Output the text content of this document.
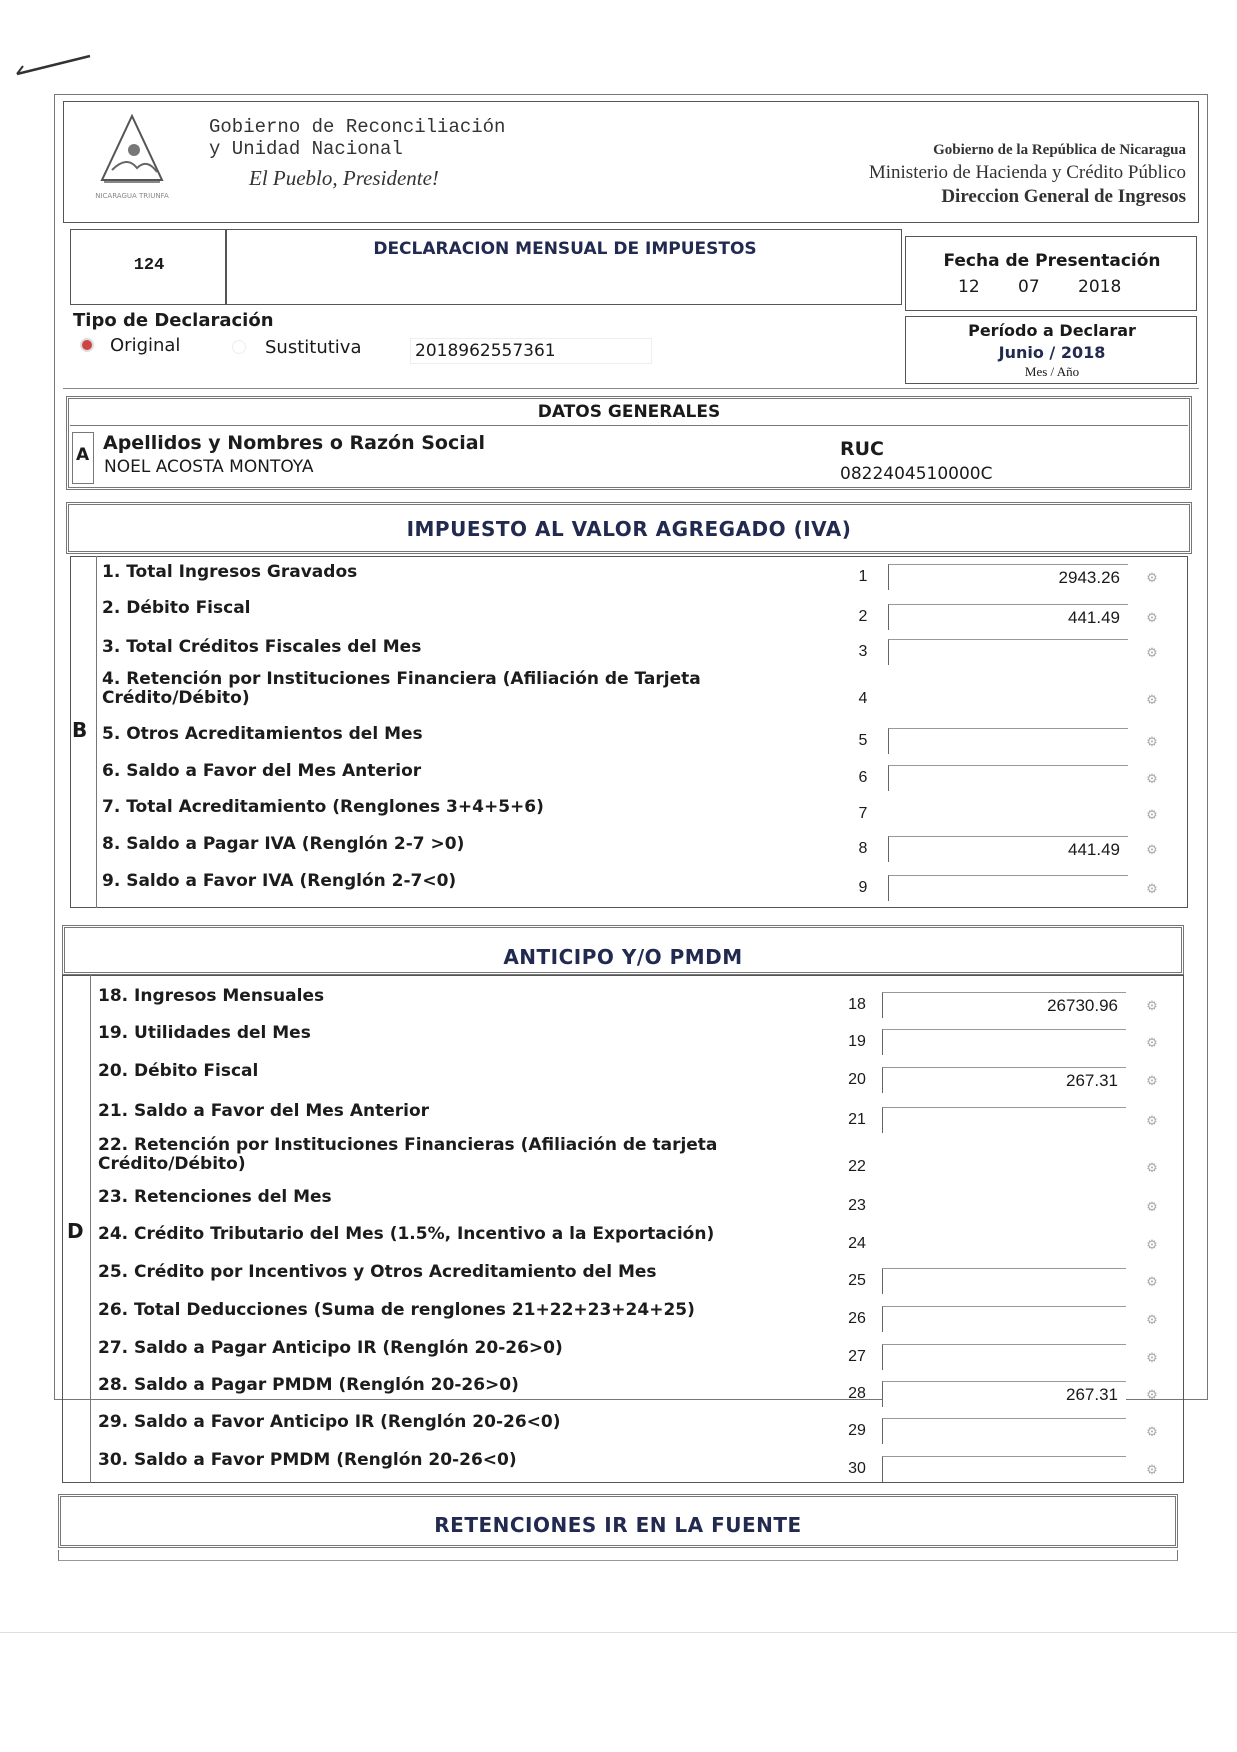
NICARAGUA TRIUNFA
Gobierno de Reconciliación
y Unidad Nacional
El Pueblo, Presidente!
Gobierno de la República de Nicaragua
Ministerio de Hacienda y Crédito Público
Direccion General de Ingresos
124
DECLARACION MENSUAL DE IMPUESTOS
Fecha de Presentación
12 07 2018
Tipo de Declaración
Original	Sustitutiva	2018962557361
Período a Declarar
Junio / 2018
Mes / Año
DATOS GENERALES
A
Apellidos y Nombres o Razón Social
NOEL ACOSTA MONTOYA
RUC
0822404510000C
IMPUESTO AL VALOR AGREGADO (IVA)
B
1. Total Ingresos Gravados	1	2943.26	⚙
2. Débito Fiscal	2	441.49	⚙
3. Total Créditos Fiscales del Mes	3	⚙
4. Retención por Instituciones Financiera (Afiliación de Tarjeta Crédito/Débito)	4	⚙
5. Otros Acreditamientos del Mes	5	⚙
6. Saldo a Favor del Mes Anterior	6	⚙
7. Total Acreditamiento (Renglones 3+4+5+6)	7	⚙
8. Saldo a Pagar IVA (Renglón 2-7 >0)	8	441.49	⚙
9. Saldo a Favor IVA (Renglón 2-7<0)	9	⚙
ANTICIPO Y/O PMDM
D
18. Ingresos Mensuales	18	26730.96	⚙
19. Utilidades del Mes	19	⚙
20. Débito Fiscal	20	267.31	⚙
21. Saldo a Favor del Mes Anterior	21	⚙
22. Retención por Instituciones Financieras (Afiliación de tarjeta Crédito/Débito)	22	⚙
23. Retenciones del Mes	23	⚙
24. Crédito Tributario del Mes (1.5%, Incentivo a la Exportación)	24	⚙
25. Crédito por Incentivos y Otros Acreditamiento del Mes	25	⚙
26. Total Deducciones (Suma de renglones 21+22+23+24+25)	26	⚙
27. Saldo a Pagar Anticipo IR (Renglón 20-26>0)	27	⚙
28. Saldo a Pagar PMDM (Renglón 20-26>0)	28	267.31	⚙
29. Saldo a Favor Anticipo IR (Renglón 20-26<0)	29	⚙
30. Saldo a Favor PMDM (Renglón 20-26<0)	30	⚙
RETENCIONES IR EN LA FUENTE
